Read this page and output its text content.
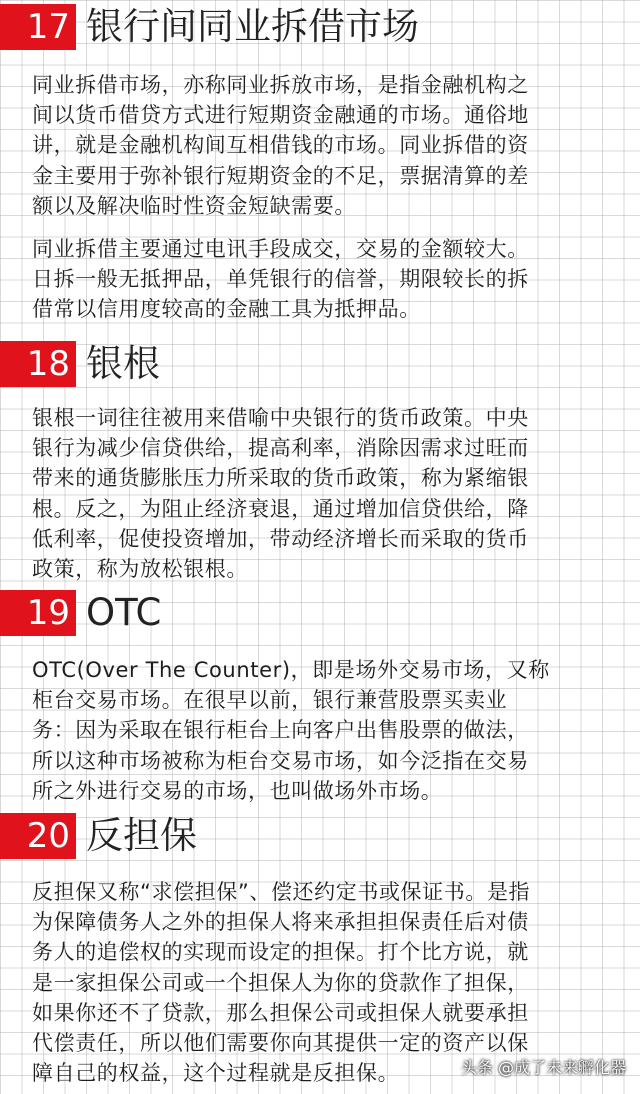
17 银行间同业拆借市场

同业拆借市场，亦称同业拆放市场，是指金融机构之
间以货币借贷方式进行短期资金融通的市场。通俗地
讲，就是金融机构间互相借钱的市场。同业拆借的资
金主要用于弥补银行短期资金的不足，票据清算的差
额以及解决临时性资金短缺需要。

同业拆借主要通过电讯手段成交，交易的金额较大。
日拆一般无抵押品，单凭银行的信誉，期限较长的拆
借常以信用度较高的金融工具为抵押品。

18 银根

银根一词往往被用来借喻中央银行的货币政策。中央
银行为减少信贷供给，提高利率，消除因需求过旺而
带来的通货膨胀压力所采取的货币政策，称为紧缩银
根。反之，为阻止经济衰退，通过增加信贷供给，降
低利率，促使投资增加，带动经济增长而采取的货币
政策，称为放松银根。

19 OTC

OTC(Over The Counter)，即是场外交易市场，又称
柜台交易市场。在很早以前，银行兼营股票买卖业
务：因为采取在银行柜台上向客户出售股票的做法，
所以这种市场被称为柜台交易市场，如今泛指在交易
所之外进行交易的市场，也叫做场外市场。

20 反担保

反担保又称“求偿担保”、偿还约定书或保证书。是指
为保障债务人之外的担保人将来承担担保责任后对债
务人的追偿权的实现而设定的担保。打个比方说，就
是一家担保公司或一个担保人为你的贷款作了担保，
如果你还不了贷款，那么担保公司或担保人就要承担
代偿责任，所以他们需要你向其提供一定的资产以保
障自己的权益，这个过程就是反担保。	头条 @成了未来孵化器
